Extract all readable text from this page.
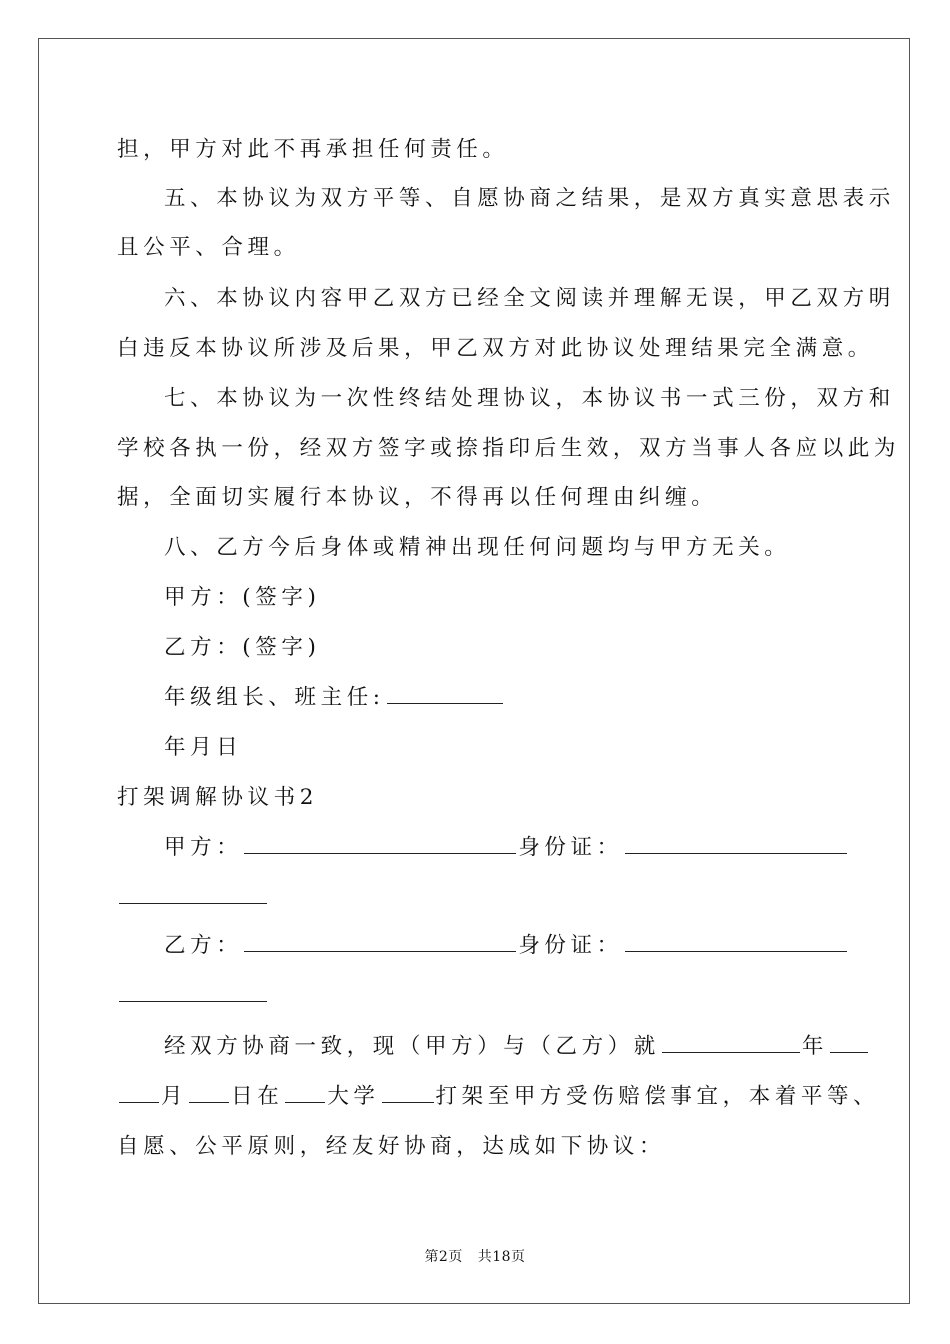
担，甲方对此不再承担任何责任。
五、本协议为双方平等、自愿协商之结果，是双方真实意思表示
且公平、合理。
六、本协议内容甲乙双方已经全文阅读并理解无误，甲乙双方明
白违反本协议所涉及后果，甲乙双方对此协议处理结果完全满意。
七、本协议为一次性终结处理协议，本协议书一式三份，双方和
学校各执一份，经双方签字或捺指印后生效，双方当事人各应以此为
据，全面切实履行本协议，不得再以任何理由纠缠。
八、乙方今后身体或精神出现任何问题均与甲方无关。
甲方：(签字)
乙方：(签字)
年级组长、班主任:
年月日
打架调解协议书2
甲方：	身份证：
乙方：	身份证：
经双方协商一致，现（甲方）与（乙方）就	年
月 日在 大学	打架至甲方受伤赔偿事宜，本着平等、
自愿、公平原则，经友好协商，达成如下协议：
第2页 共18页
